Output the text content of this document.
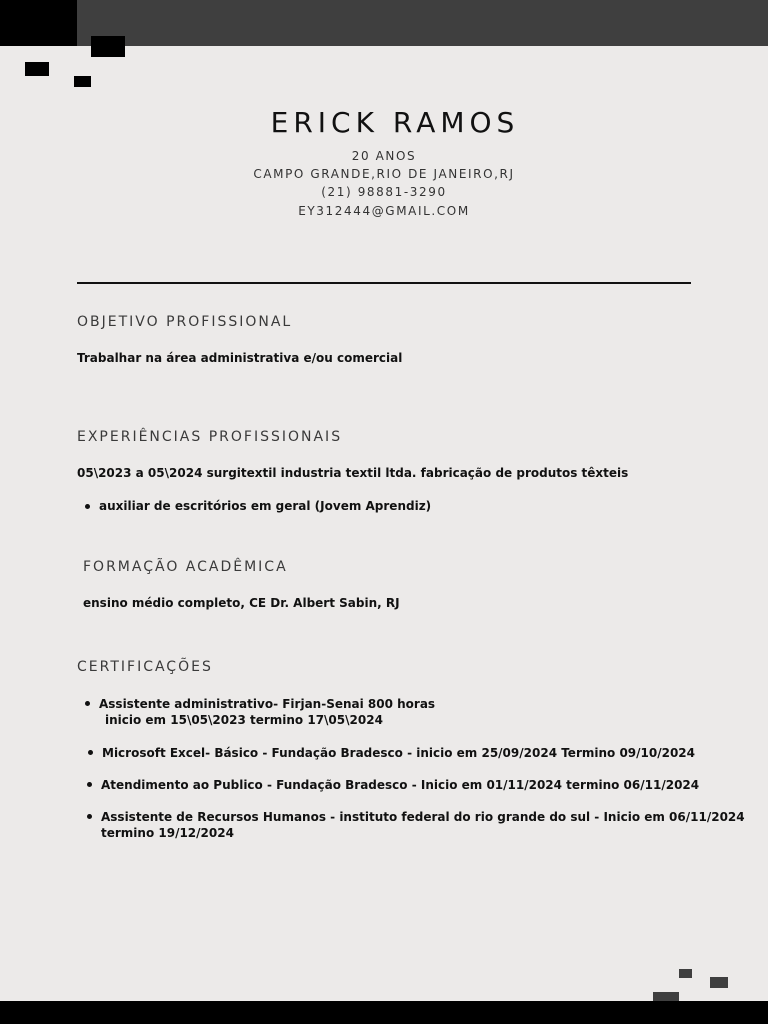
ERICK RAMOS
20 ANOS
CAMPO GRANDE,RIO DE JANEIRO,RJ
(21) 98881-3290
EY312444@GMAIL.COM
OBJETIVO PROFISSIONAL
Trabalhar na área administrativa e/ou comercial
EXPERIÊNCIAS PROFISSIONAIS
05\2023 a 05\2024 surgitextil industria textil ltda. fabricação de produtos têxteis
auxiliar de escritórios em geral (Jovem Aprendiz)
FORMAÇÃO ACADÊMICA
ensino médio completo, CE Dr. Albert Sabin, RJ
CERTIFICAÇÕES
Assistente administrativo- Firjan-Senai 800 horas
inicio em 15\05\2023 termino 17\05\2024
Microsoft Excel- Básico - Fundação Bradesco - inicio em 25/09/2024 Termino 09/10/2024
Atendimento ao Publico - Fundação Bradesco - Inicio em 01/11/2024 termino 06/11/2024
Assistente de Recursos Humanos - instituto federal do rio grande do sul - Inicio em 06/11/2024
termino 19/12/2024
